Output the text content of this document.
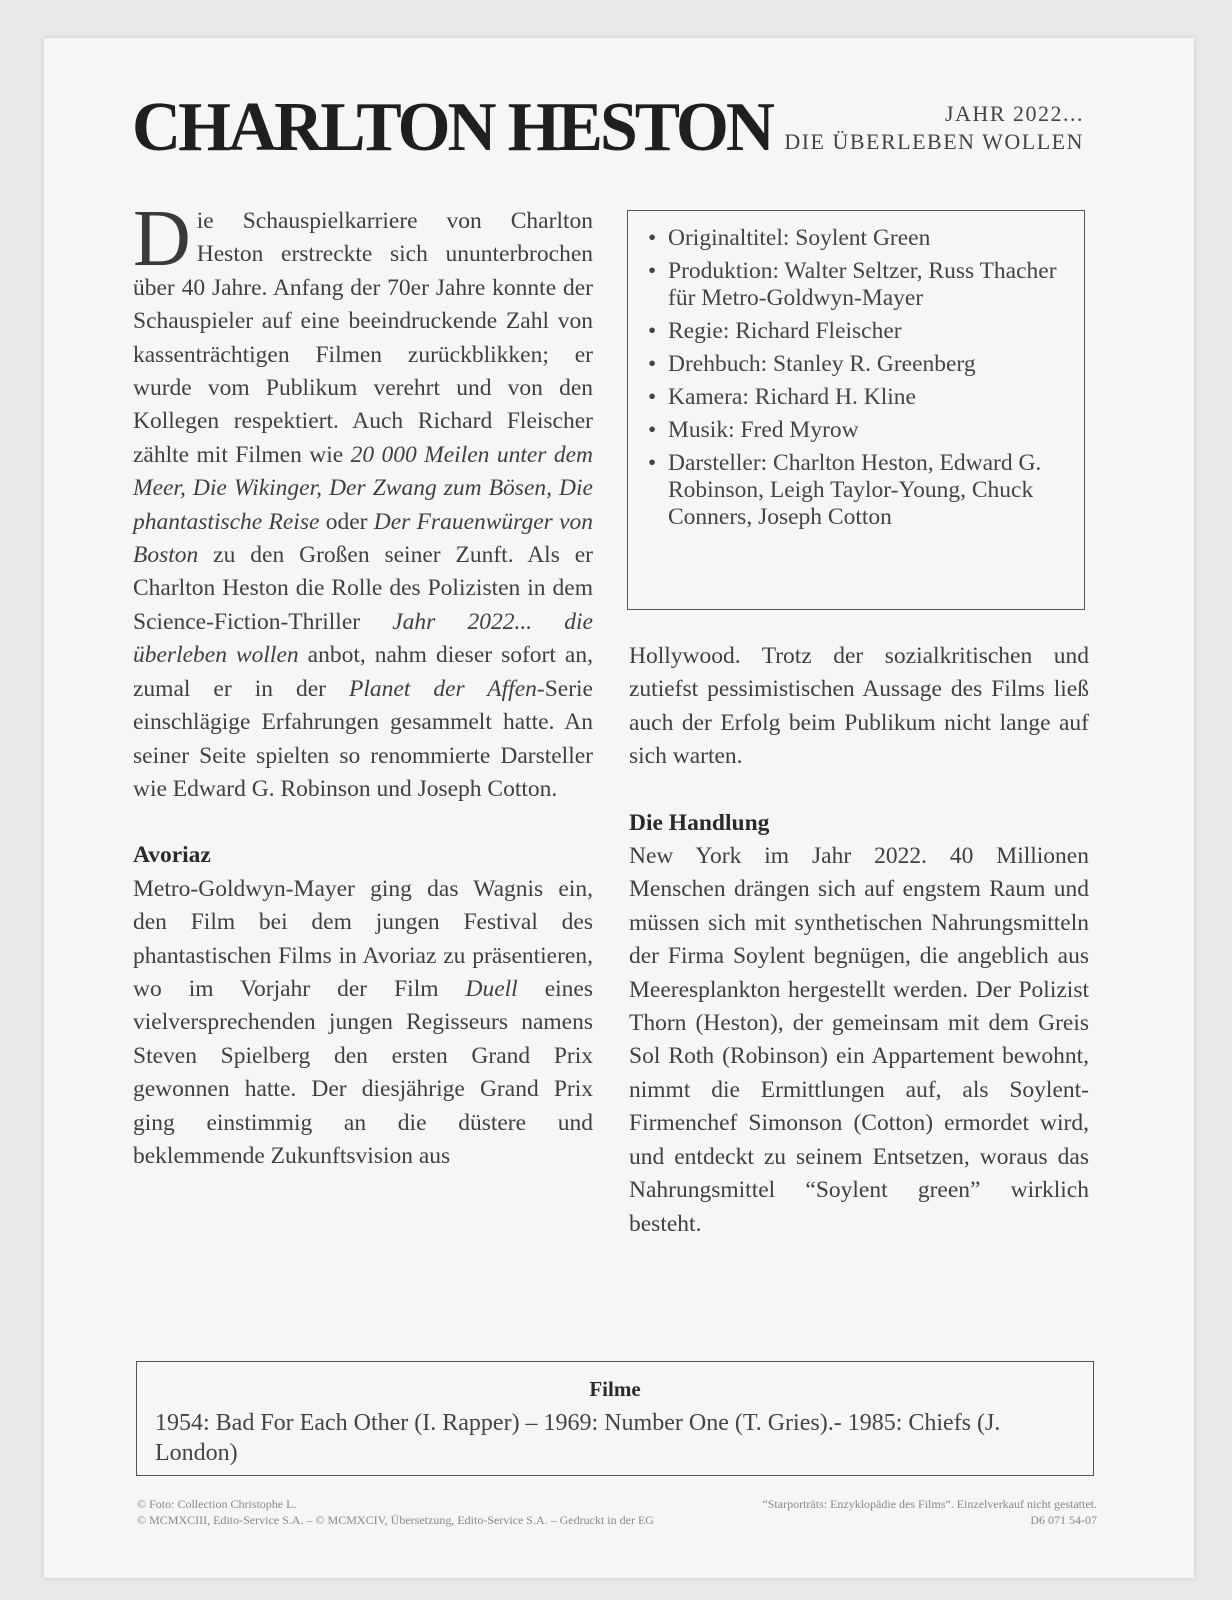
CHARLTON HESTON	JAHR 2022...
DIE ÜBERLEBEN WOLLEN

Die Schauspielkarriere von Charlton Heston erstreckte sich ununterbrochen über 40 Jahre. Anfang der 70er Jahre konnte der Schauspieler auf eine beeindruckende Zahl von kassenträchtigen Filmen zurückblikken; er wurde vom Publikum verehrt und von den Kollegen respektiert. Auch Richard Fleischer zählte mit Filmen wie 20 000 Meilen unter dem Meer, Die Wikinger, Der Zwang zum Bösen, Die phantastische Reise oder Der Frauenwürger von Boston zu den Großen seiner Zunft. Als er Charlton Heston die Rolle des Polizisten in dem Science-Fiction-Thriller Jahr 2022... die überleben wollen anbot, nahm dieser sofort an, zumal er in der Planet der Affen-Serie einschlägige Erfahrungen gesammelt hatte. An seiner Seite spielten so renommierte Darsteller wie Edward G. Robinson und Joseph Cotton.

Avoriaz

Metro-Goldwyn-Mayer ging das Wagnis ein, den Film bei dem jungen Festival des phantastischen Films in Avoriaz zu präsentieren, wo im Vorjahr der Film Duell eines vielversprechenden jungen Regisseurs namens Steven Spielberg den ersten Grand Prix gewonnen hatte. Der diesjährige Grand Prix ging einstimmig an die düstere und beklemmende Zukunftsvision aus

• Originaltitel: Soylent Green
• Produktion: Walter Seltzer, Russ Thacher für Metro-Goldwyn-Mayer
• Regie: Richard Fleischer
• Drehbuch: Stanley R. Greenberg
• Kamera: Richard H. Kline
• Musik: Fred Myrow
• Darsteller: Charlton Heston, Edward G. Robinson, Leigh Taylor-Young, Chuck Conners, Joseph Cotton

Hollywood. Trotz der sozialkritischen und zutiefst pessimistischen Aussage des Films ließ auch der Erfolg beim Publikum nicht lange auf sich warten.

Die Handlung

New York im Jahr 2022. 40 Millionen Menschen drängen sich auf engstem Raum und müssen sich mit synthetischen Nahrungsmitteln der Firma Soylent begnügen, die angeblich aus Meeresplankton hergestellt werden. Der Polizist Thorn (Heston), der gemeinsam mit dem Greis Sol Roth (Robinson) ein Appartement bewohnt, nimmt die Ermittlungen auf, als Soylent-Firmenchef Simonson (Cotton) ermordet wird, und entdeckt zu seinem Entsetzen, woraus das Nahrungsmittel “Soylent green” wirklich besteht.

Filme
1954: Bad For Each Other (I. Rapper) – 1969: Number One (T. Gries).- 1985: Chiefs (J. London)
© Foto: Collection Christophe L.
© MCMXCIII, Edito-Service S.A. – © MCMXCIV, Übersetzung, Edito-Service S.A. – Gedruckt in der EG
“Starporträts: Enzyklopädie des Films”. Einzelverkauf nicht gestattet.
D6 071 54-07
